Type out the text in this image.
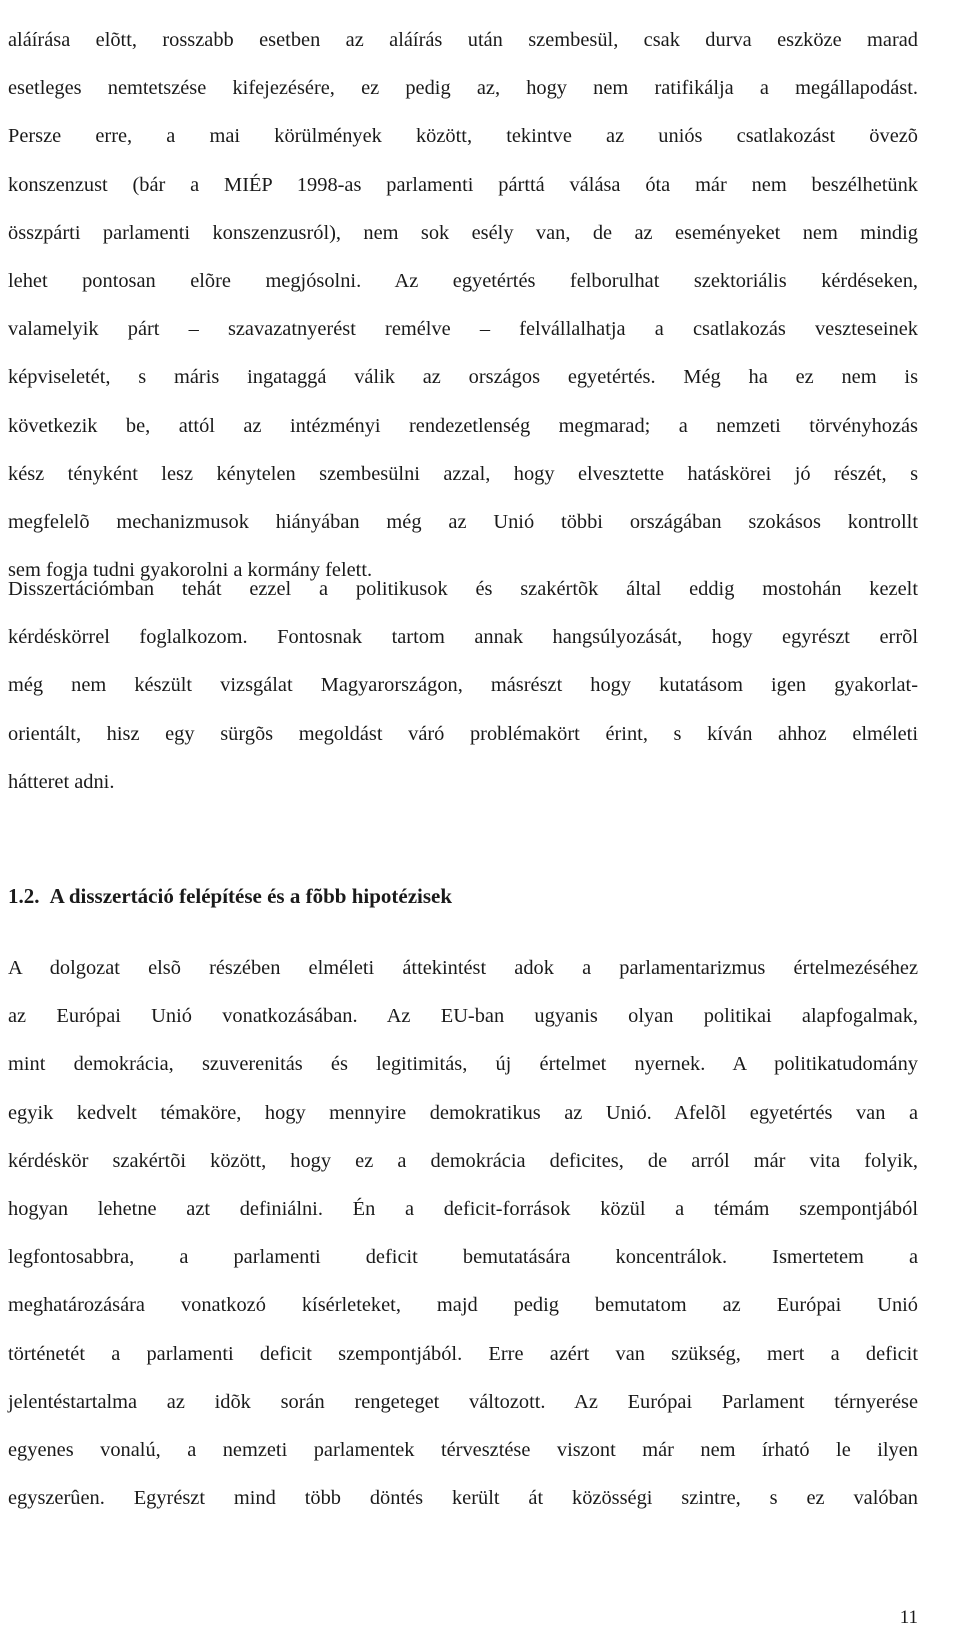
aláírása elõtt, rosszabb esetben az aláírás után szembesül, csak durva eszköze marad
esetleges nemtetszése kifejezésére, ez pedig az, hogy nem ratifikálja a megállapodást.
Persze erre, a mai körülmények között, tekintve az uniós csatlakozást övezõ
konszenzust (bár a MIÉP 1998-as parlamenti párttá válása óta már nem beszélhetünk
összpárti parlamenti konszenzusról), nem sok esély van, de az eseményeket nem mindig
lehet pontosan elõre megjósolni. Az egyetértés felborulhat szektoriális kérdéseken,
valamelyik párt – szavazatnyerést remélve – felvállalhatja a csatlakozás veszteseinek
képviseletét, s máris ingataggá válik az országos egyetértés. Még ha ez nem is
következik be, attól az intézményi rendezetlenség megmarad; a nemzeti törvényhozás
kész tényként lesz kénytelen szembesülni azzal, hogy elvesztette hatáskörei jó részét, s
megfelelõ mechanizmusok hiányában még az Unió többi országában szokásos kontrollt
sem fogja tudni gyakorolni a kormány felett.
Disszertációmban tehát ezzel a politikusok és szakértõk által eddig mostohán kezelt
kérdéskörrel foglalkozom. Fontosnak tartom annak hangsúlyozását, hogy egyrészt errõl
még nem készült vizsgálat Magyarországon, másrészt hogy kutatásom igen gyakorlat-
orientált, hisz egy sürgõs megoldást váró problémakört érint, s kíván ahhoz elméleti
hátteret adni.
1.2. A disszertáció felépítése és a fõbb hipotézisek
A dolgozat elsõ részében elméleti áttekintést adok a parlamentarizmus értelmezéséhez
az Európai Unió vonatkozásában. Az EU-ban ugyanis olyan politikai alapfogalmak,
mint demokrácia, szuverenitás és legitimitás, új értelmet nyernek. A politikatudomány
egyik kedvelt témaköre, hogy mennyire demokratikus az Unió. Afelõl egyetértés van a
kérdéskör szakértõi között, hogy ez a demokrácia deficites, de arról már vita folyik,
hogyan lehetne azt definiálni. Én a deficit-források közül a témám szempontjából
legfontosabbra, a parlamenti deficit bemutatására koncentrálok. Ismertetem a
meghatározására vonatkozó kísérleteket, majd pedig bemutatom az Európai Unió
történetét a parlamenti deficit szempontjából. Erre azért van szükség, mert a deficit
jelentéstartalma az idõk során rengeteget változott. Az Európai Parlament térnyerése
egyenes vonalú, a nemzeti parlamentek térvesztése viszont már nem írható le ilyen
egyszerûen. Egyrészt mind több döntés került át közösségi szintre, s ez valóban
11
